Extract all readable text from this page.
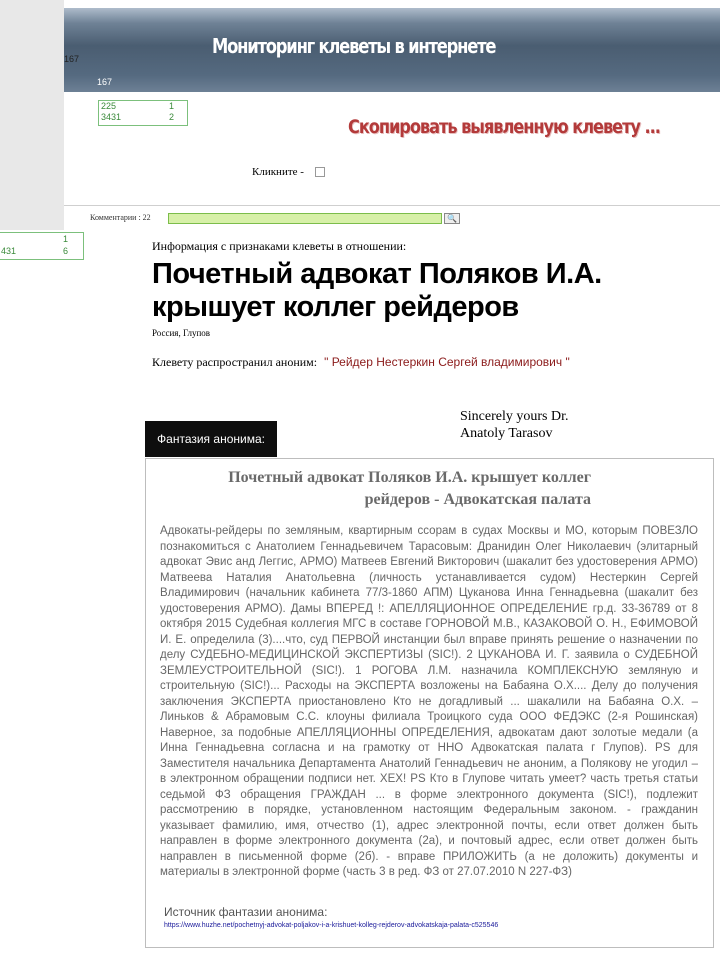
Мониторинг клеветы в интернете
167
167
225	1
3431	2	Скопировать выявленную клевету ...
Кликните -
Комментарии : 22	🔍
1
431	6	Информация с признаками клеветы в отношении:
Почетный адвокат Поляков И.А.
крышует коллег рейдеров
Россия, Глупов
Клевету распространил аноним: " Рейдер Нестеркин Сергей владимирович "
Sincerely yours Dr.
Anatoly Tarasov
Фантазия анонима:
Почетный адвокат Поляков И.А. крышует коллег рейдеров - Адвокатская палата
Адвокаты-рейдеры по земляным, квартирным ссорам в судах Москвы и МО, которым ПОВЕЗЛО познакомиться с Анатолием Геннадьевичем Тарасовым: Дранидин Олег Николаевич (элитарный адвокат Эвис анд Леггис, АРМО) Матвеев Евгений Викторович (шакалит без удостоверения АРМО) Матвеева Наталия Анатольевна (личность устанавливается судом) Нестеркин Сергей Владимирович (начальник кабинета 77/3-1860 АПМ) Цуканова Инна Геннадьевна (шакалит без удостоверения АРМО). Дамы ВПЕРЕД !: АПЕЛЛЯЦИОННОЕ ОПРЕДЕЛЕНИЕ гр.д. 33-36789 от 8 октября 2015 Судебная коллегия МГС в составе ГОРНОВОЙ М.В., КАЗАКОВОЙ О. Н., ЕФИМОВОЙ И. Е. определила (3)....что, суд ПЕРВОЙ инстанции был вправе принять решение о назначении по делу СУДЕБНО-МЕДИЦИНСКОЙ ЭКСПЕРТИЗЫ (SIC!). 2 ЦУКАНОВА И. Г. заявила о СУДЕБНОЙ ЗЕМЛЕУСТРОИТЕЛЬНОЙ (SIC!). 1 РОГОВА Л.М. назначила КОМПЛЕКСНУЮ земляную и строительную (SIC!)... Расходы на ЭКСПЕРТА возложены на Бабаяна О.Х.... Делу до получения заключения ЭКСПЕРТА приостановлено Кто не догадливый ... шакалили на Бабаяна О.Х. – Линьков & Абрамовым С.С. клоуны филиала Троицкого суда ООО ФЕДЭКС (2-я Рошинская) Наверное, за подобные АПЕЛЛЯЦИОННЫ ОПРЕДЕЛЕНИЯ, адвокатам дают золотые медали (а Инна Геннадьевна согласна и на грамотку от ННО Адвокатская палата г Глупов). PS для Заместителя начальника Департамента Анатолий Геннадьевич не аноним, а Полякову не угодил – в электронном обращении подписи нет. ХЕХ! PS Кто в Глупове читать умеет? часть третья статьи седьмой ФЗ обращения ГРАЖДАН ... в форме электронного документа (SIC!), подлежит рассмотрению в порядке, установленном настоящим Федеральным законом. - гражданин указывает фамилию, имя, отчество (1), адрес электронной почты, если ответ должен быть направлен в форме электронного документа (2а), и почтовый адрес, если ответ должен быть направлен в письменной форме (2б). - вправе ПРИЛОЖИТЬ (а не доложить) документы и материалы в электронной форме (часть 3 в ред. ФЗ от 27.07.2010 N 227-ФЗ)
Источник фантазии анонима:
https://www.huzhe.net/pochetnyj-advokat-poljakov-i-a-krishuet-kolleg-rejderov-advokatskaja-palata-c525546
